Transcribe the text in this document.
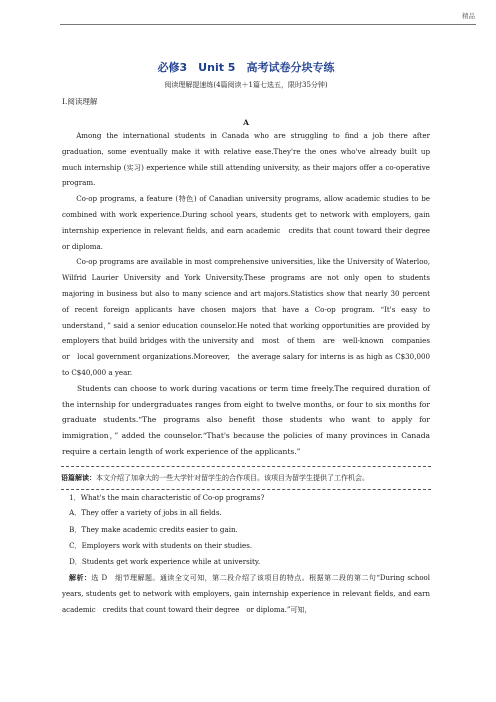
精品
必修3　Unit 5　高考试卷分块专练
阅读理解提速练(4篇阅读＋1篇七选五，限时35分钟)
Ⅰ.阅读理解
A

Among the international students in Canada who are struggling to find a job there after graduation, some eventually make it with relative ease.They're the ones who've already built up much internship (实习) experience while still attending university, as their majors offer a co-operative program.

Co-op programs, a feature (特色) of Canadian university programs, allow academic studies to be combined with work experience.During school years, students get to network with employers, gain internship experience in relevant fields, and earn academic　credits that count toward their degree　or diploma.

Co-op programs are available in most comprehensive universities, like the University of Waterloo, Wilfrid Laurier University and York University.These programs are not only open to students majoring in business but also to many science and art majors.Statistics show that nearly 30 percent of recent foreign applicants have chosen majors that have a Co-op program. “It's easy to understand，” said a senior education counselor.He noted that working opportunities are provided by employers that build bridges with the university and　most　of them　are　well-known　companies　or　local government organizations.Moreover,　the average salary for interns is as high as C$30,000 to C$40,000 a year.

Students can choose to work during vacations or term time freely.The required duration of the internship for undergraduates ranges from eight to twelve months, or four to six months for graduate students.“The programs also benefit those students who want to apply for immigration，” added the counselor.“That's because the policies of many provinces in Canada require a certain length of work experience of the applicants.”

语篇解读：本文介绍了加拿大的一些大学针对留学生的合作项目。该项目为留学生提供了工作机会。

1．What's the main characteristic of Co-op programs?

A．They offer a variety of jobs in all fields.

B．They make academic credits easier to gain.

C．Employers work with students on their studies.

D．Students get work experience while at university.

解析：选 D　细节理解题。通读全文可知，第二段介绍了该项目的特点。根据第二段的第二句“During school years, students get to network with employers, gain internship experience in relevant fields, and earn academic　credits that count toward their degree　or diploma.”可知，
